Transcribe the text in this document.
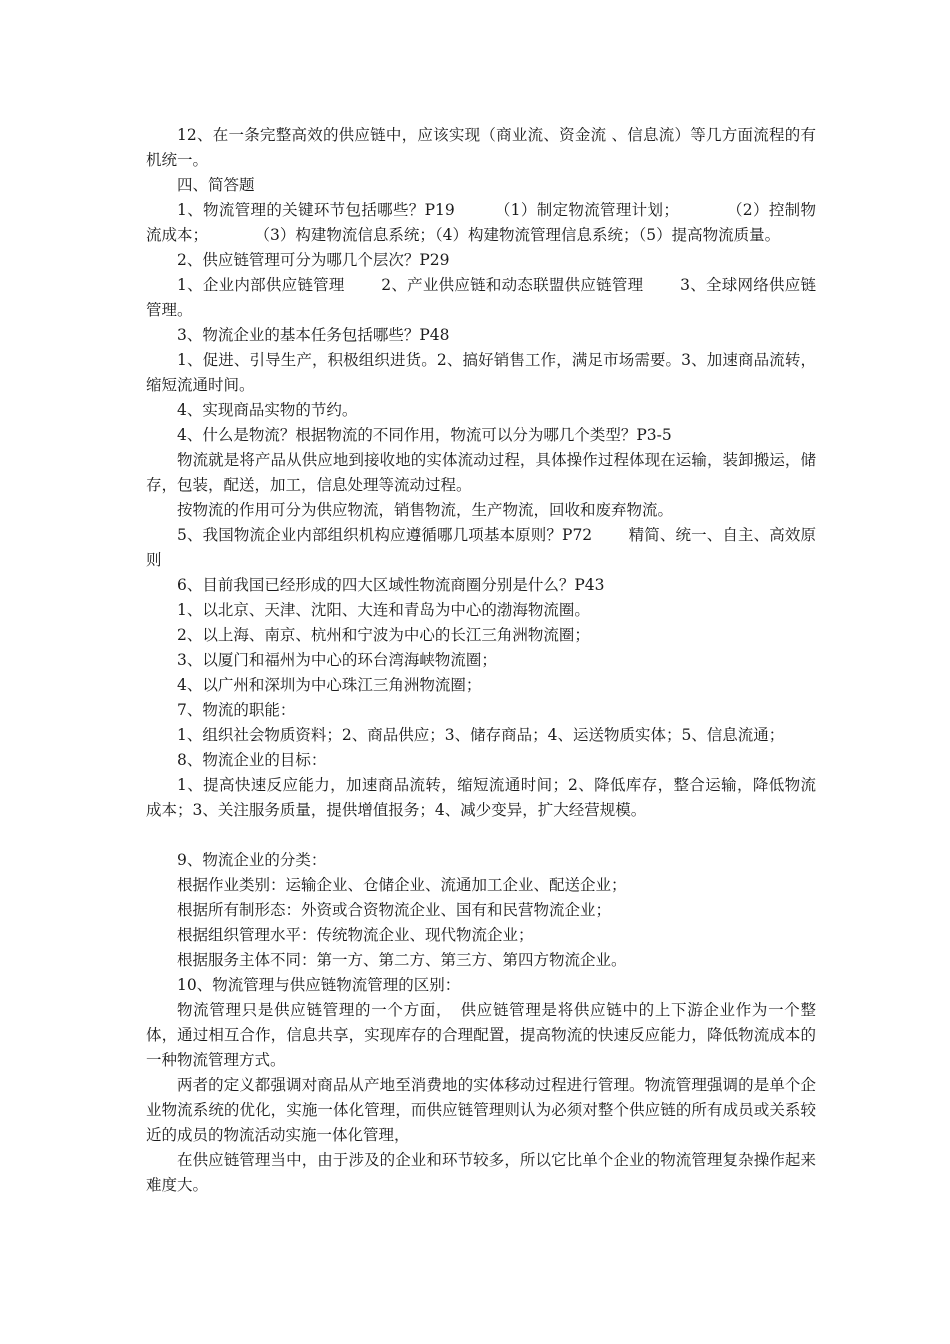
12、在一条完整高效的供应链中，应该实现（商业流、资金流 、信息流）等几方面流程的有机统一。

四、简答题

1、物流管理的关键环节包括哪些？P19　　　（1）制定物流管理计划；　　　　（2）控制物流成本；　　　　（3）构建物流信息系统；（4）构建物流管理信息系统；（5）提高物流质量。

2、供应链管理可分为哪几个层次？P29

1、企业内部供应链管理　　 2、产业供应链和动态联盟供应链管理　　 3、全球网络供应链管理。

3、物流企业的基本任务包括哪些？P48

1、促进、引导生产，积极组织进货。2、搞好销售工作，满足市场需要。3、加速商品流转，缩短流通时间。

4、实现商品实物的节约。

4、什么是物流？根据物流的不同作用，物流可以分为哪几个类型？P3-5

物流就是将产品从供应地到接收地的实体流动过程，具体操作过程体现在运输，装卸搬运，储存，包装，配送，加工，信息处理等流动过程。

按物流的作用可分为供应物流，销售物流，生产物流，回收和废弃物流。

5、我国物流企业内部组织机构应遵循哪几项基本原则？P72　　 精简、统一、自主、高效原则

6、目前我国已经形成的四大区域性物流商圈分别是什么？P43

1、以北京、天津、沈阳、大连和青岛为中心的渤海物流圈。

2、以上海、南京、杭州和宁波为中心的长江三角洲物流圈；

3、以厦门和福州为中心的环台湾海峡物流圈；

4、以广州和深圳为中心珠江三角洲物流圈；

7、物流的职能：

1、组织社会物质资料；2、商品供应；3、储存商品；4、运送物质实体；5、信息流通；

8、物流企业的目标：

1、提高快速反应能力，加速商品流转，缩短流通时间；2、降低库存，整合运输，降低物流成本；3、关注服务质量，提供增值报务；4、减少变异，扩大经营规模。

9、物流企业的分类：

根据作业类别：运输企业、仓储企业、流通加工企业、配送企业；

根据所有制形态：外资或合资物流企业、国有和民营物流企业；

根据组织管理水平：传统物流企业、现代物流企业；

根据服务主体不同：第一方、第二方、第三方、第四方物流企业。

10、物流管理与供应链物流管理的区别：

物流管理只是供应链管理的一个方面，　供应链管理是将供应链中的上下游企业作为一个整体，通过相互合作，信息共享，实现库存的合理配置，提高物流的快速反应能力，降低物流成本的一种物流管理方式。

两者的定义都强调对商品从产地至消费地的实体移动过程进行管理。物流管理强调的是单个企业物流系统的优化，实施一体化管理，而供应链管理则认为必须对整个供应链的所有成员或关系较近的成员的物流活动实施一体化管理，

在供应链管理当中，由于涉及的企业和环节较多，所以它比单个企业的物流管理复杂操作起来难度大。
